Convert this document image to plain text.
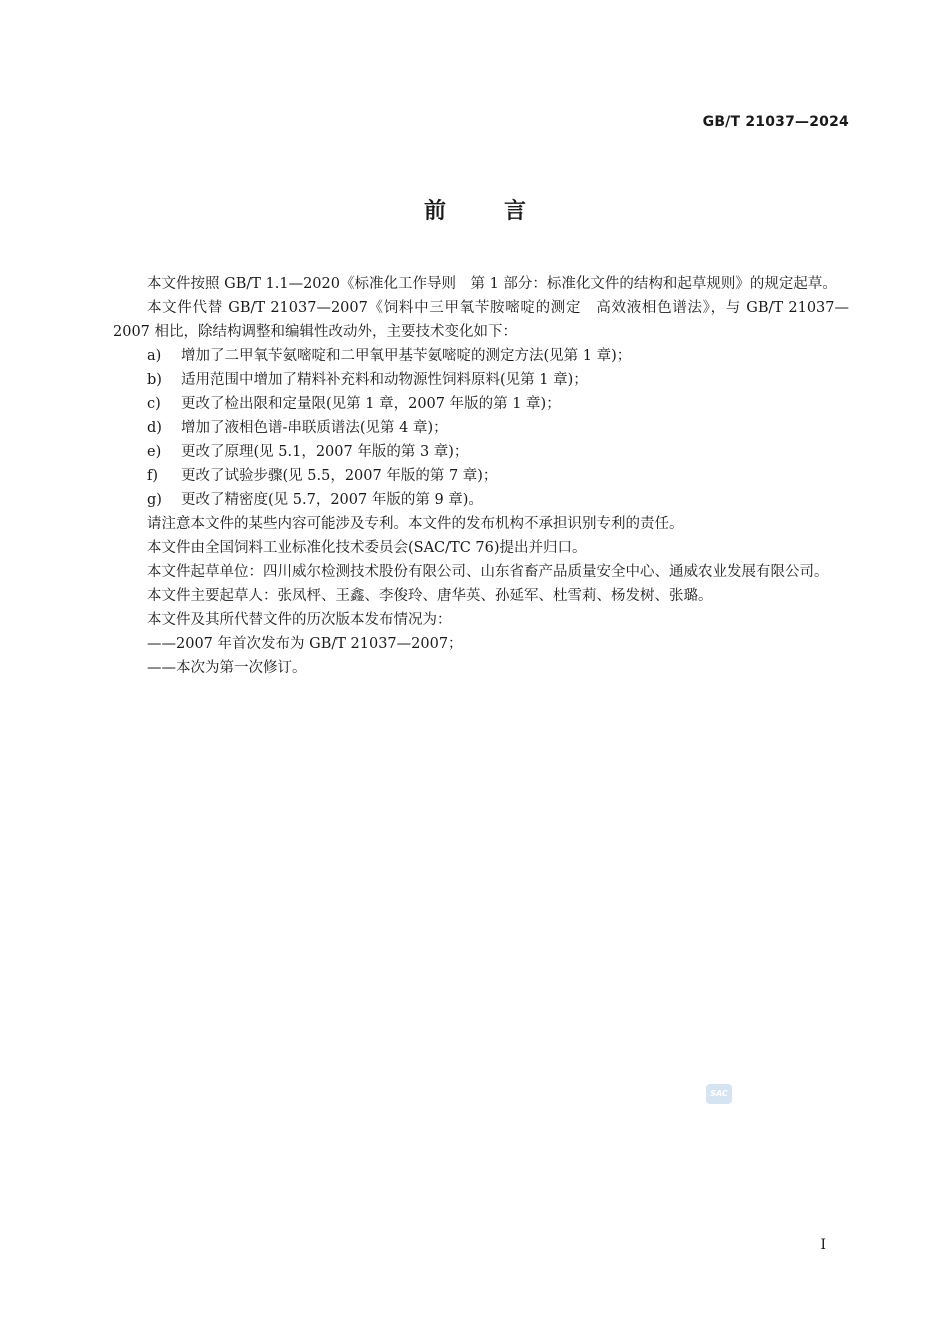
GB/T 21037—2024
前言

本文件按照 GB/T 1.1—2020《标准化工作导则　第 1 部分：标准化文件的结构和起草规则》的规定起草。

本文件代替 GB/T 21037—2007《饲料中三甲氧苄胺嘧啶的测定　高效液相色谱法》，与 GB/T 21037—2007 相比，除结构调整和编辑性改动外，主要技术变化如下：

a) 增加了二甲氧苄氨嘧啶和二甲氧甲基苄氨嘧啶的测定方法(见第 1 章)；

b) 适用范围中增加了精料补充料和动物源性饲料原料(见第 1 章)；

c) 更改了检出限和定量限(见第 1 章，2007 年版的第 1 章)；

d) 增加了液相色谱-串联质谱法(见第 4 章)；

e) 更改了原理(见 5.1，2007 年版的第 3 章)；

f) 更改了试验步骤(见 5.5，2007 年版的第 7 章)；

g) 更改了精密度(见 5.7，2007 年版的第 9 章)。

请注意本文件的某些内容可能涉及专利。本文件的发布机构不承担识别专利的责任。

本文件由全国饲料工业标准化技术委员会(SAC/TC 76)提出并归口。

本文件起草单位：四川威尔检测技术股份有限公司、山东省畜产品质量安全中心、通威农业发展有限公司。

本文件主要起草人：张凤枰、王鑫、李俊玲、唐华英、孙延军、杜雪莉、杨发树、张璐。

本文件及其所代替文件的历次版本发布情况为：

——2007 年首次发布为 GB/T 21037—2007；

——本次为第一次修订。

SAC
I
